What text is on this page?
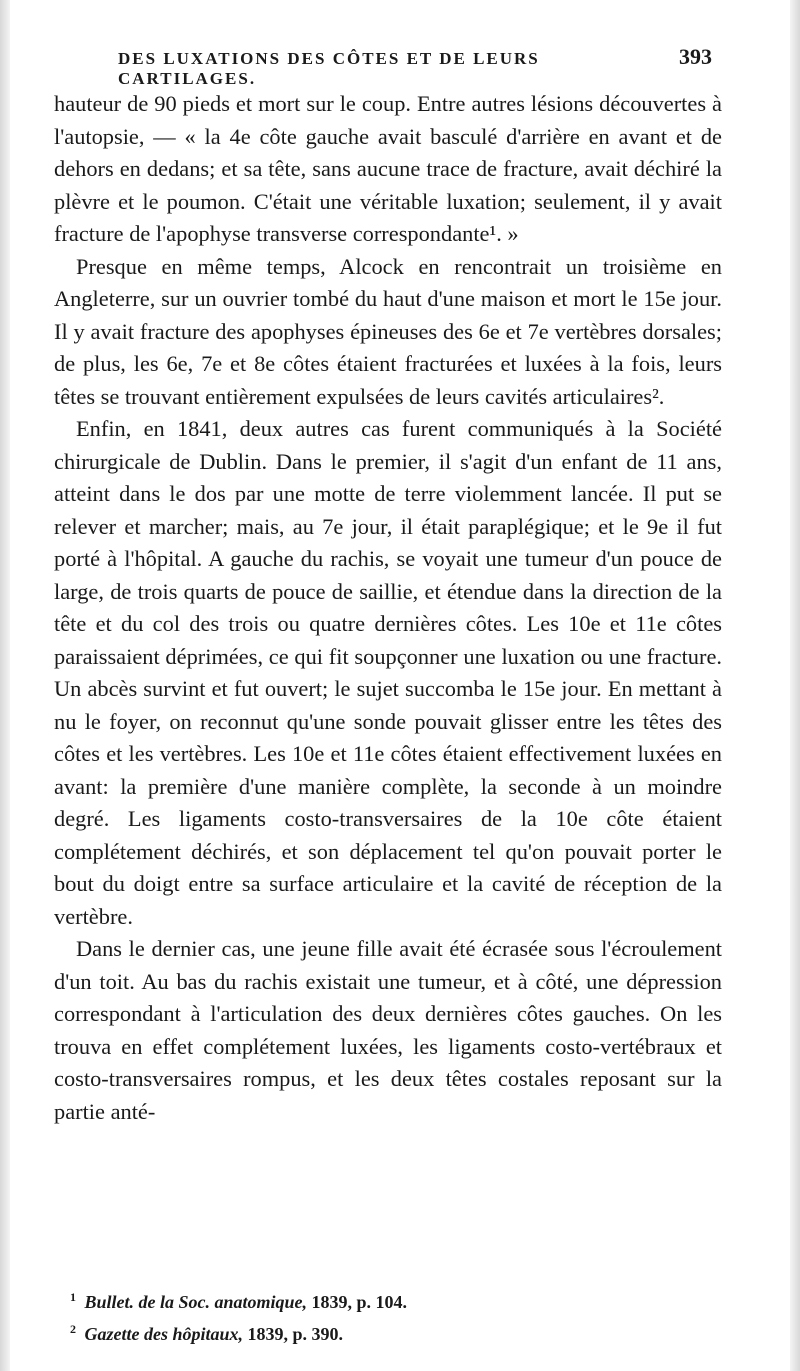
DES LUXATIONS DES CÔTES ET DE LEURS CARTILAGES.
393

hauteur de 90 pieds et mort sur le coup. Entre autres lésions découvertes à l'autopsie, — « la 4e côte gauche avait basculé d'arrière en avant et de dehors en dedans; et sa tête, sans aucune trace de fracture, avait déchiré la plèvre et le poumon. C'était une véritable luxation; seulement, il y avait fracture de l'apophyse transverse correspondante¹. »

Presque en même temps, Alcock en rencontrait un troisième en Angleterre, sur un ouvrier tombé du haut d'une maison et mort le 15e jour. Il y avait fracture des apophyses épineuses des 6e et 7e vertèbres dorsales; de plus, les 6e, 7e et 8e côtes étaient fracturées et luxées à la fois, leurs têtes se trouvant entièrement expulsées de leurs cavités articulaires².

Enfin, en 1841, deux autres cas furent communiqués à la Société chirurgicale de Dublin. Dans le premier, il s'agit d'un enfant de 11 ans, atteint dans le dos par une motte de terre violemment lancée. Il put se relever et marcher; mais, au 7e jour, il était paraplégique; et le 9e il fut porté à l'hôpital. A gauche du rachis, se voyait une tumeur d'un pouce de large, de trois quarts de pouce de saillie, et étendue dans la direction de la tête et du col des trois ou quatre dernières côtes. Les 10e et 11e côtes paraissaient déprimées, ce qui fit soupçonner une luxation ou une fracture. Un abcès survint et fut ouvert; le sujet succomba le 15e jour. En mettant à nu le foyer, on reconnut qu'une sonde pouvait glisser entre les têtes des côtes et les vertèbres. Les 10e et 11e côtes étaient effectivement luxées en avant: la première d'une manière complète, la seconde à un moindre degré. Les ligaments costo-transversaires de la 10e côte étaient complétement déchirés, et son déplacement tel qu'on pouvait porter le bout du doigt entre sa surface articulaire et la cavité de réception de la vertèbre.

Dans le dernier cas, une jeune fille avait été écrasée sous l'écroulement d'un toit. Au bas du rachis existait une tumeur, et à côté, une dépression correspondant à l'articulation des deux dernières côtes gauches. On les trouva en effet complétement luxées, les ligaments costo-vertébraux et costo-transversaires rompus, et les deux têtes costales reposant sur la partie anté-

$^1$ Bullet. de la Soc. anatomique, 1839, p. 104.

$^2$ Gazette des hôpitaux, 1839, p. 390.
